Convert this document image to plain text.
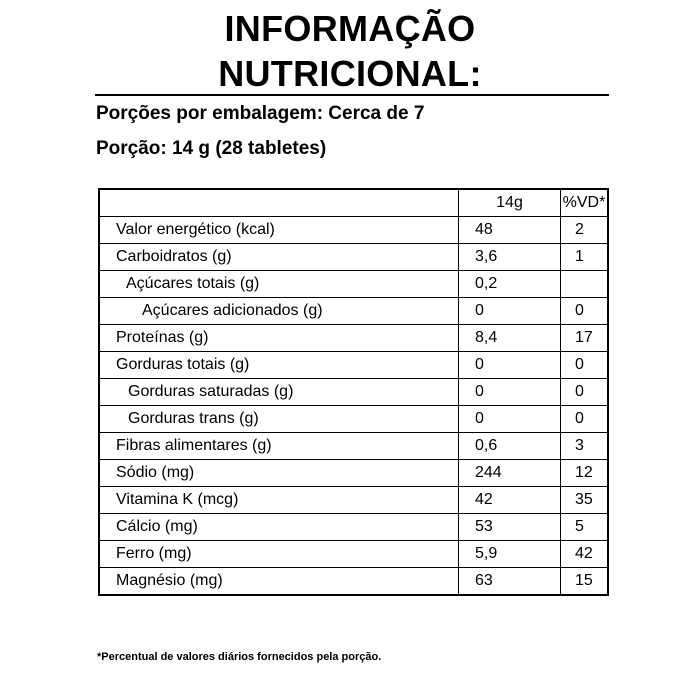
INFORMAÇÃO
NUTRICIONAL:
Porções por embalagem: Cerca de 7
Porção: 14 g (28 tabletes)
	14g	%VD*
Valor energético (kcal)	48	2
Carboidratos (g)	3,6	1
Açúcares totais (g)	0,2	
Açúcares adicionados (g)	0	0
Proteínas (g)	8,4	17
Gorduras totais (g)	0	0
Gorduras saturadas (g)	0	0
Gorduras trans (g)	0	0
Fibras alimentares (g)	0,6	3
Sódio (mg)	244	12
Vitamina K (mcg)	42	35
Cálcio (mg)	53	5
Ferro (mg)	5,9	42
Magnésio (mg)	63	15
*Percentual de valores diários fornecidos pela porção.
